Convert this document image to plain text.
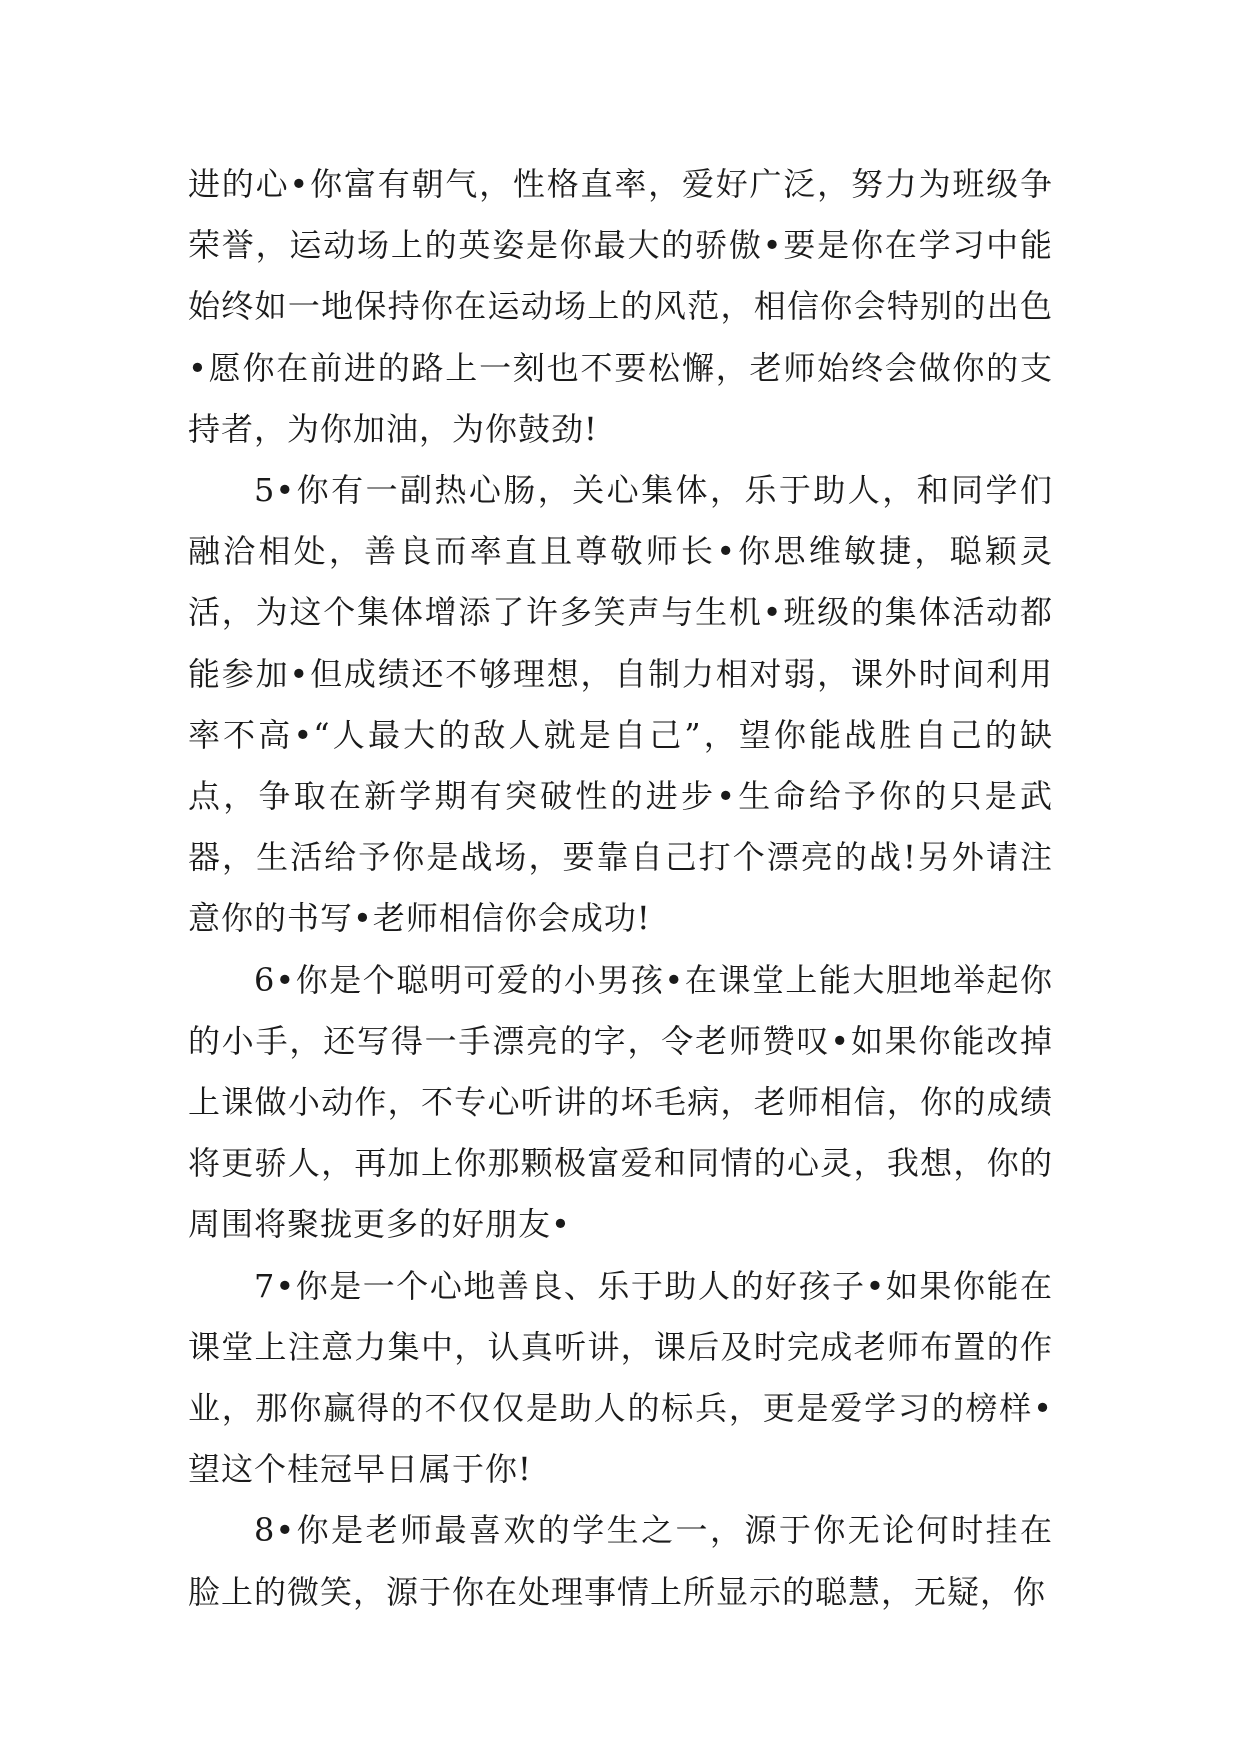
进的心•你富有朝气，性格直率，爱好广泛，努力为班级争荣誉，运动场上的英姿是你最大的骄傲•要是你在学习中能始终如一地保持你在运动场上的风范，相信你会特别的出色•愿你在前进的路上一刻也不要松懈，老师始终会做你的支持者，为你加油，为你鼓劲!

5•你有一副热心肠，关心集体，乐于助人，和同学们融洽相处，善良而率直且尊敬师长•你思维敏捷，聪颖灵活，为这个集体增添了许多笑声与生机•班级的集体活动都能参加•但成绩还不够理想，自制力相对弱，课外时间利用率不高•“人最大的敌人就是自己”，望你能战胜自己的缺点，争取在新学期有突破性的进步•生命给予你的只是武器，生活给予你是战场，要靠自己打个漂亮的战!另外请注意你的书写•老师相信你会成功!

6•你是个聪明可爱的小男孩•在课堂上能大胆地举起你的小手，还写得一手漂亮的字，令老师赞叹•如果你能改掉上课做小动作，不专心听讲的坏毛病，老师相信，你的成绩将更骄人，再加上你那颗极富爱和同情的心灵，我想，你的周围将聚拢更多的好朋友•

7•你是一个心地善良、乐于助人的好孩子•如果你能在课堂上注意力集中，认真听讲，课后及时完成老师布置的作业，那你赢得的不仅仅是助人的标兵，更是爱学习的榜样•望这个桂冠早日属于你!

8•你是老师最喜欢的学生之一，源于你无论何时挂在脸上的微笑，源于你在处理事情上所显示的聪慧，无疑，你
